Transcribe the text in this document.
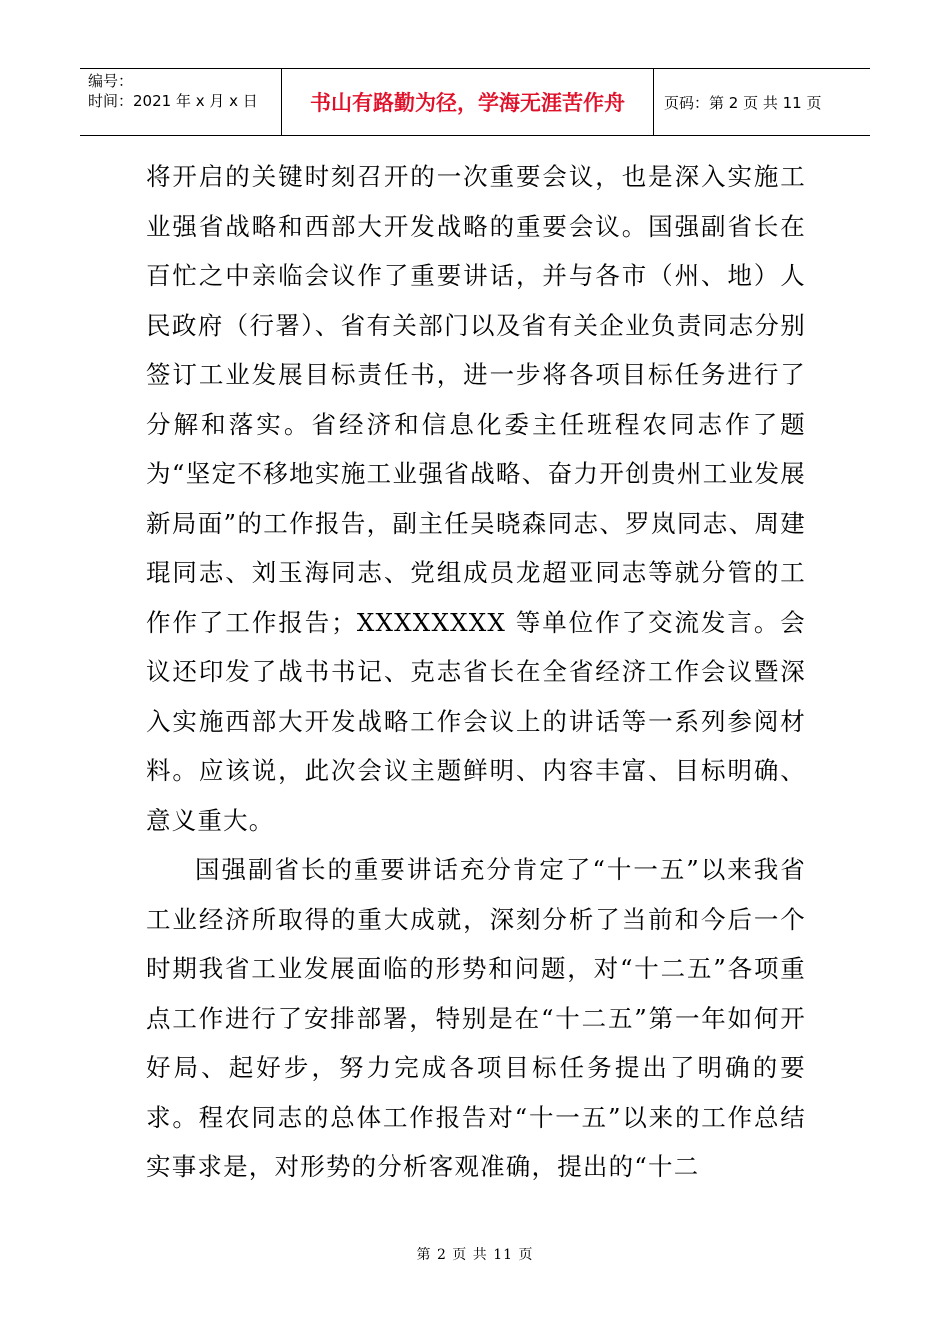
编号：
时间：2021 年 x 月 x 日	书山有路勤为径，学海无涯苦作舟	页码：第 2 页 共 11 页

将开启的关键时刻召开的一次重要会议，也是深入实施工业强省战略和西部大开发战略的重要会议。国强副省长在百忙之中亲临会议作了重要讲话，并与各市（州、地）人民政府（行署）、省有关部门以及省有关企业负责同志分别签订工业发展目标责任书，进一步将各项目标任务进行了分解和落实。省经济和信息化委主任班程农同志作了题为“坚定不移地实施工业强省战略、奋力开创贵州工业发展新局面”的工作报告，副主任吴晓森同志、罗岚同志、周建琨同志、刘玉海同志、党组成员龙超亚同志等就分管的工作作了工作报告；XXXXXXXX 等单位作了交流发言。会议还印发了战书书记、克志省长在全省经济工作会议暨深入实施西部大开发战略工作会议上的讲话等一系列参阅材料。应该说，此次会议主题鲜明、内容丰富、目标明确、意义重大。

国强副省长的重要讲话充分肯定了“十一五”以来我省工业经济所取得的重大成就，深刻分析了当前和今后一个时期我省工业发展面临的形势和问题，对“十二五”各项重点工作进行了安排部署，特别是在“十二五”第一年如何开好局、起好步，努力完成各项目标任务提出了明确的要求。程农同志的总体工作报告对“十一五”以来的工作总结实事求是，对形势的分析客观准确，提出的“十二

第 2 页 共 11 页
